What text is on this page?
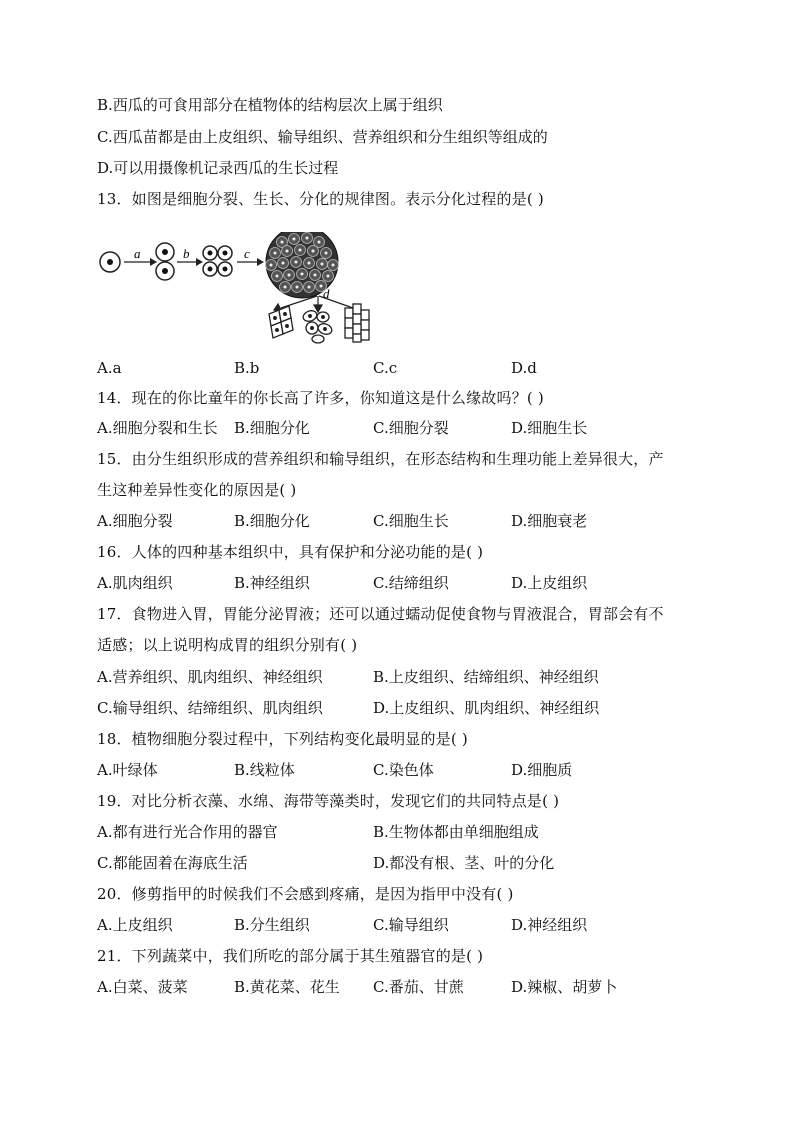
B.西瓜的可食用部分在植物体的结构层次上属于组织
C.西瓜苗都是由上皮组织、输导组织、营养组织和分生组织等组成的
D.可以用摄像机记录西瓜的生长过程
13．如图是细胞分裂、生长、分化的规律图。表示分化过程的是( )
a	b	c
d
A.a	B.b	C.c	D.d
14．现在的你比童年的你长高了许多，你知道这是什么缘故吗？( )
A.细胞分裂和生长 B.细胞分化	C.细胞分裂	D.细胞生长
15．由分生组织形成的营养组织和输导组织，在形态结构和生理功能上差异很大，产
生这种差异性变化的原因是( )
A.细胞分裂	B.细胞分化	C.细胞生长	D.细胞衰老
16．人体的四种基本组织中，具有保护和分泌功能的是( )
A.肌肉组织	B.神经组织	C.结缔组织	D.上皮组织
17．食物进入胃，胃能分泌胃液；还可以通过蠕动促使食物与胃液混合，胃部会有不
适感；以上说明构成胃的组织分别有( )
A.营养组织、肌肉组织、神经组织	B.上皮组织、结缔组织、神经组织
C.输导组织、结缔组织、肌肉组织	D.上皮组织、肌肉组织、神经组织
18．植物细胞分裂过程中，下列结构变化最明显的是( )
A.叶绿体	B.线粒体	C.染色体	D.细胞质
19．对比分析衣藻、水绵、海带等藻类时，发现它们的共同特点是( )
A.都有进行光合作用的器官	B.生物体都由单细胞组成
C.都能固着在海底生活	D.都没有根、茎、叶的分化
20．修剪指甲的时候我们不会感到疼痛，是因为指甲中没有( )
A.上皮组织	B.分生组织	C.输导组织	D.神经组织
21．下列蔬菜中，我们所吃的部分属于其生殖器官的是( )
A.白菜、菠菜	B.黄花菜、花生 C.番茄、甘蔗	D.辣椒、胡萝卜
